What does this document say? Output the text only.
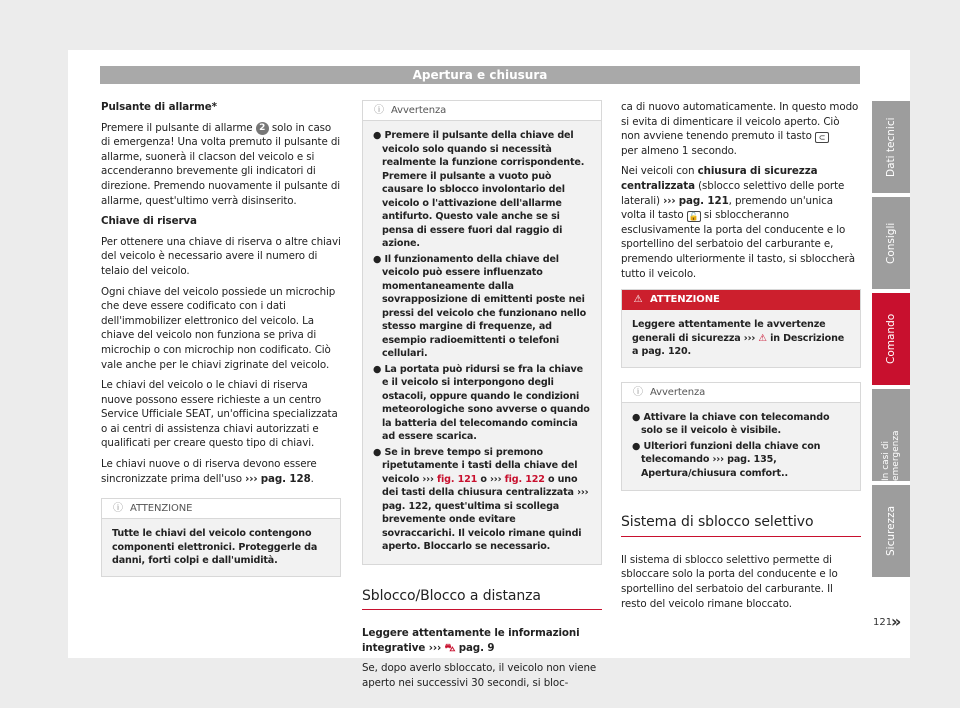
Apertura e chiusura

Pulsante di allarme*

Premere il pulsante di allarme 2 solo in caso di emergenza! Una volta premuto il pulsante di allarme, suonerà il clacson del veicolo e si accenderanno brevemente gli indicatori di direzione. Premendo nuovamente il pulsante di allarme, quest'ultimo verrà disinserito.

Chiave di riserva

Per ottenere una chiave di riserva o altre chiavi del veicolo è necessario avere il numero di telaio del veicolo.

Ogni chiave del veicolo possiede un microchip che deve essere codificato con i dati dell'immobilizer elettronico del veicolo. La chiave del veicolo non funziona se priva di microchip o con microchip non codificato. Ciò vale anche per le chiavi zigrinate del veicolo.

Le chiavi del veicolo o le chiavi di riserva nuove possono essere richieste a un centro Service Ufficiale SEAT, un'officina specializzata o ai centri di assistenza chiavi autorizzati e qualificati per creare questo tipo di chiavi.

Le chiavi nuove o di riserva devono essere sincronizzate prima dell'uso ››› pag. 128.

ⓘ ATTENZIONE
Tutte le chiavi del veicolo contengono componenti elettronici. Proteggerle da danni, forti colpi e dall'umidità.
ⓘ Avvertenza
● Premere il pulsante della chiave del veicolo solo quando si necessità realmente la funzione corrispondente. Premere il pulsante a vuoto può causare lo sblocco involontario del veicolo o l'attivazione dell'allarme antifurto. Questo vale anche se si pensa di essere fuori dal raggio di azione.
● Il funzionamento della chiave del veicolo può essere influenzato momentaneamente dalla sovrapposizione di emittenti poste nei pressi del veicolo che funzionano nello stesso margine di frequenze, ad esempio radioemittenti o telefoni cellulari.
● La portata può ridursi se fra la chiave e il veicolo si interpongono degli ostacoli, oppure quando le condizioni meteorologiche sono avverse o quando la batteria del telecomando comincia ad essere scarica.
● Se in breve tempo si premono ripetutamente i tasti della chiave del veicolo ››› fig. 121 o ››› fig. 122 o uno dei tasti della chiusura centralizzata ››› pag. 122, quest'ultima si scollega brevemente onde evitare sovraccarichi. Il veicolo rimane quindi aperto. Bloccarlo se necessario.
Sblocco/Blocco a distanza

Leggere attentamente le informazioni integrative ››› ⛍ pag. 9

Se, dopo averlo sbloccato, il veicolo non viene aperto nei successivi 30 secondi, si bloc-

ca di nuovo automaticamente. In questo modo si evita di dimenticare il veicolo aperto. Ciò non avviene tenendo premuto il tasto ⊂
per almeno 1 secondo.

Nei veicoli con chiusura di sicurezza centralizzata (sblocco selettivo delle porte laterali) ››› pag. 121, premendo un'unica volta il tasto 🔓 si sbloccheranno esclusivamente la porta del conducente e lo sportellino del serbatoio del carburante e, premendo ulteriormente il tasto, si sbloccherà tutto il veicolo.

⚠ ATTENZIONE
Leggere attentamente le avvertenze generali di sicurezza ››› ⚠ in Descrizione a pag. 120.
ⓘ Avvertenza
● Attivare la chiave con telecomando solo se il veicolo è visibile.
● Ulteriori funzioni della chiave con telecomando ››› pag. 135, Apertura/chiusura comfort..
Sistema di sblocco selettivo

Il sistema di sblocco selettivo permette di sbloccare solo la porta del conducente e lo sportellino del serbatoio del carburante. Il resto del veicolo rimane bloccato.

»
Dati tecnici
Consigli
Comando
In casi di emergenza
Sicurezza
121
